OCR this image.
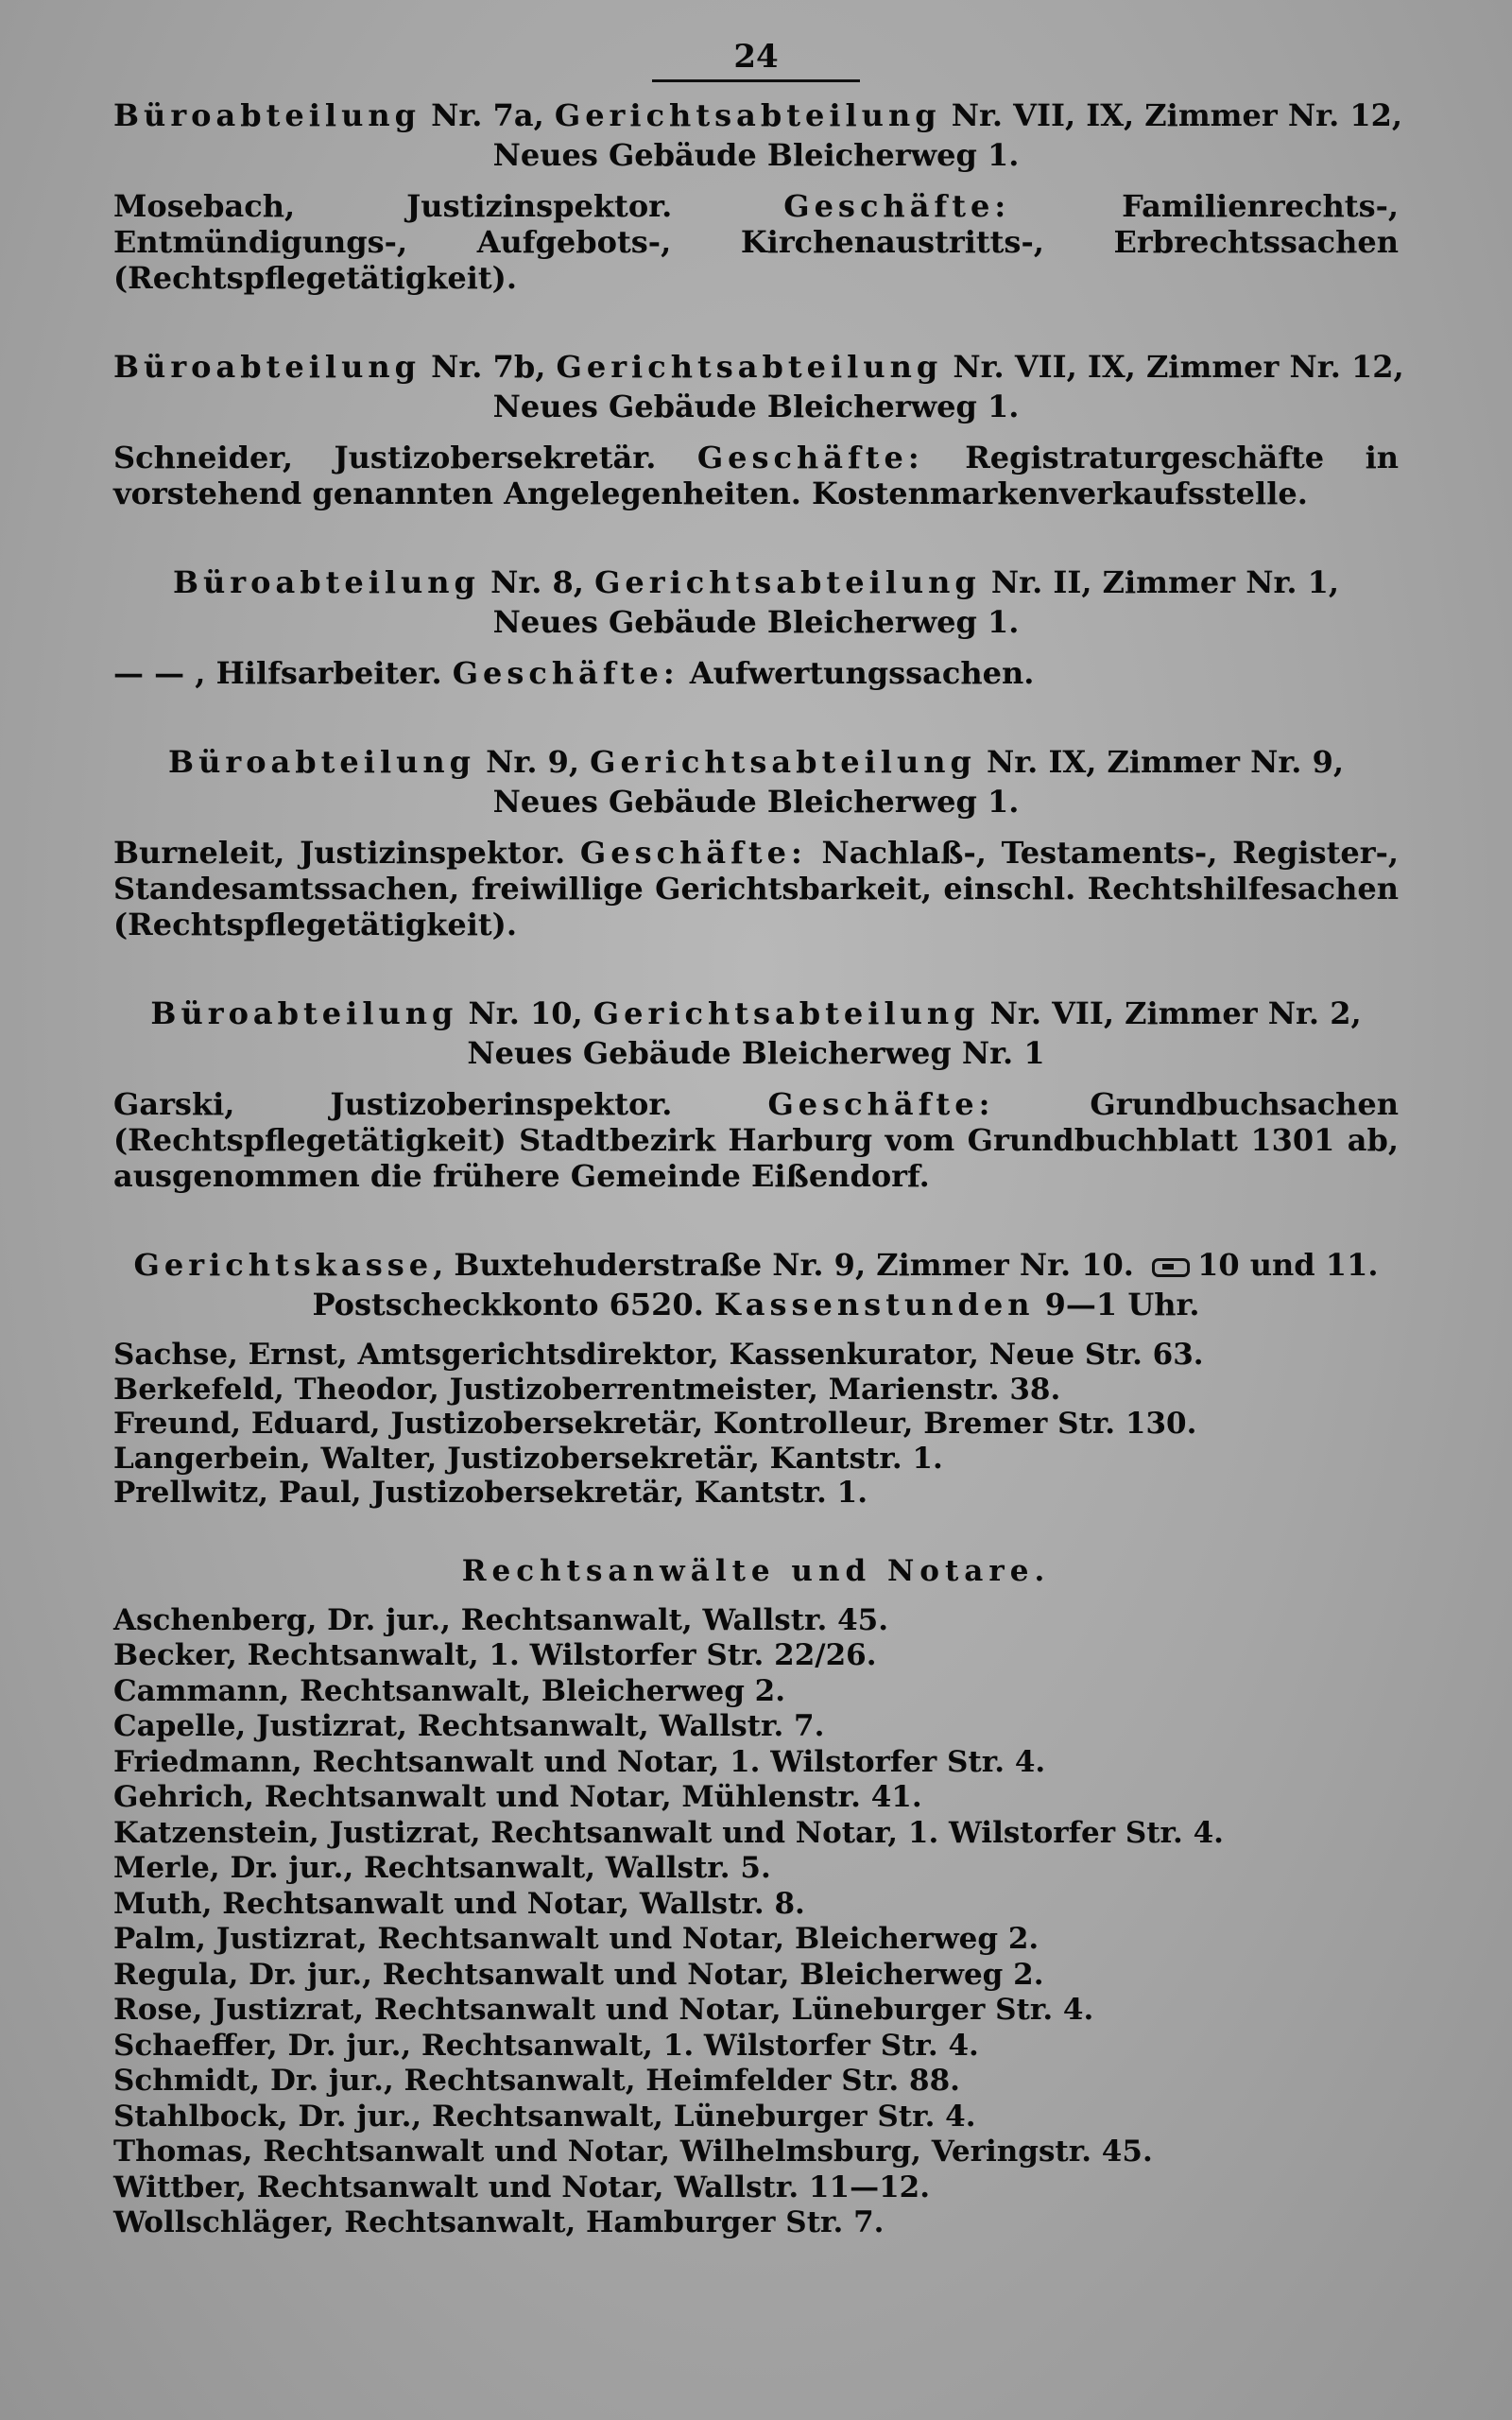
24
Büroabteilung Nr. 7a, Gerichtsabteilung Nr. VII, IX, Zimmer Nr. 12,
Neues Gebäude Bleicherweg 1.
Mosebach, Justizinspektor. Geschäfte: Familienrechts-, Entmündigungs-, Aufgebots-, Kirchenaustritts-, Erbrechtssachen (Rechtspflegetätigkeit).
Büroabteilung Nr. 7b, Gerichtsabteilung Nr. VII, IX, Zimmer Nr. 12,
Neues Gebäude Bleicherweg 1.
Schneider, Justizobersekretär. Geschäfte: Registraturgeschäfte in vorstehend genannten Angelegenheiten. Kostenmarkenverkaufsstelle.
Büroabteilung Nr. 8, Gerichtsabteilung Nr. II, Zimmer Nr. 1,
Neues Gebäude Bleicherweg 1.
— — , Hilfsarbeiter. Geschäfte: Aufwertungssachen.
Büroabteilung Nr. 9, Gerichtsabteilung Nr. IX, Zimmer Nr. 9,
Neues Gebäude Bleicherweg 1.
Burneleit, Justizinspektor. Geschäfte: Nachlaß-, Testaments-, Register-, Standesamtssachen, freiwillige Gerichtsbarkeit, einschl. Rechtshilfesachen (Rechtspflegetätigkeit).
Büroabteilung Nr. 10, Gerichtsabteilung Nr. VII, Zimmer Nr. 2,
Neues Gebäude Bleicherweg Nr. 1
Garski, Justizoberinspektor. Geschäfte: Grundbuchsachen (Rechtspflegetätigkeit) Stadtbezirk Harburg vom Grundbuchblatt 1301 ab, ausgenommen die frühere Gemeinde Eißendorf.
Gerichtskasse, Buxtehuderstraße Nr. 9, Zimmer Nr. 10. 10 und 11.
Postscheckkonto 6520. Kassenstunden 9—1 Uhr.
Sachse, Ernst, Amtsgerichtsdirektor, Kassenkurator, Neue Str. 63.
Berkefeld, Theodor, Justizoberrentmeister, Marienstr. 38.
Freund, Eduard, Justizobersekretär, Kontrolleur, Bremer Str. 130.
Langerbein, Walter, Justizobersekretär, Kantstr. 1.
Prellwitz, Paul, Justizobersekretär, Kantstr. 1.
Rechtsanwälte und Notare.
Aschenberg, Dr. jur., Rechtsanwalt, Wallstr. 45.
Becker, Rechtsanwalt, 1. Wilstorfer Str. 22/26.
Cammann, Rechtsanwalt, Bleicherweg 2.
Capelle, Justizrat, Rechtsanwalt, Wallstr. 7.
Friedmann, Rechtsanwalt und Notar, 1. Wilstorfer Str. 4.
Gehrich, Rechtsanwalt und Notar, Mühlenstr. 41.
Katzenstein, Justizrat, Rechtsanwalt und Notar, 1. Wilstorfer Str. 4.
Merle, Dr. jur., Rechtsanwalt, Wallstr. 5.
Muth, Rechtsanwalt und Notar, Wallstr. 8.
Palm, Justizrat, Rechtsanwalt und Notar, Bleicherweg 2.
Regula, Dr. jur., Rechtsanwalt und Notar, Bleicherweg 2.
Rose, Justizrat, Rechtsanwalt und Notar, Lüneburger Str. 4.
Schaeffer, Dr. jur., Rechtsanwalt, 1. Wilstorfer Str. 4.
Schmidt, Dr. jur., Rechtsanwalt, Heimfelder Str. 88.
Stahlbock, Dr. jur., Rechtsanwalt, Lüneburger Str. 4.
Thomas, Rechtsanwalt und Notar, Wilhelmsburg, Veringstr. 45.
Wittber, Rechtsanwalt und Notar, Wallstr. 11—12.
Wollschläger, Rechtsanwalt, Hamburger Str. 7.
